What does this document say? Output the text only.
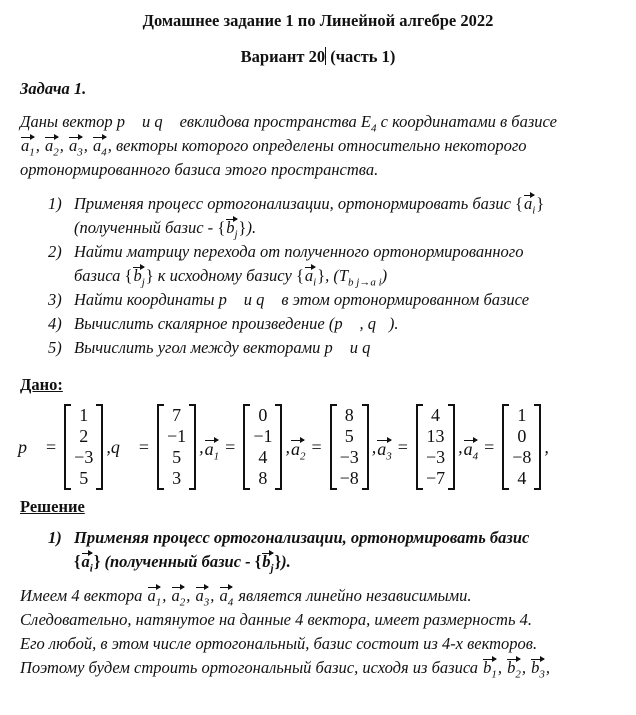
Домашнее задание 1 по Линейной алгебре 2022
Вариант 20 (часть 1)
Задача 1.
Даны вектор p⃗ и q⃗ евклидова пространства $E_4$ с координатами в базисе
$a_1$, $a_2$, $a_3$, $a_4$, векторы которого определены относительно некоторого
ортонормированного базиса этого пространства.
1) Применяя процесс ортогонализации, ортонормировать базис $\{a_i\}$
(полученный базис - $\{b_j\}$).
2) Найти матрицу перехода от полученного ортонормированного
базиса $\{b_j\}$ к исходному базису $\{a_i\}$, $(T_{b j\to a i})$
3) Найти координаты p⃗ и q⃗ в этом ортонормированном базисе
4) Вычислить скалярное произведение (p⃗ , q⃗).
5) Вычислить угол между векторами p⃗ и q⃗
Дано:
p⃗ =
1
2
−3
5
, q⃗ =
7
−1
5
3
, $a_1$ =
0
−1
4
8
, $a_2$ =
8
5
−3
−8
, $a_3$ =
4
13
−3
−7
, $a_4$ =
1
0
−8
4
,
Решение
1) Применяя процесс ортогонализации, ортонормировать базис
$\{a_i\}$ (полученный базис - $\{b_j\}$).
Имеем 4 вектора $a_1$, $a_2$, $a_3$, $a_4$ является линейно независимыми.
Следовательно, натянутое на данные 4 вектора, имеет размерность 4.
Его любой, в этом числе ортогональный, базис состоит из 4-х векторов.
Поэтому будем строить ортогональный базис, исходя из базиса $b_1$, $b_2$, $b_3$,
